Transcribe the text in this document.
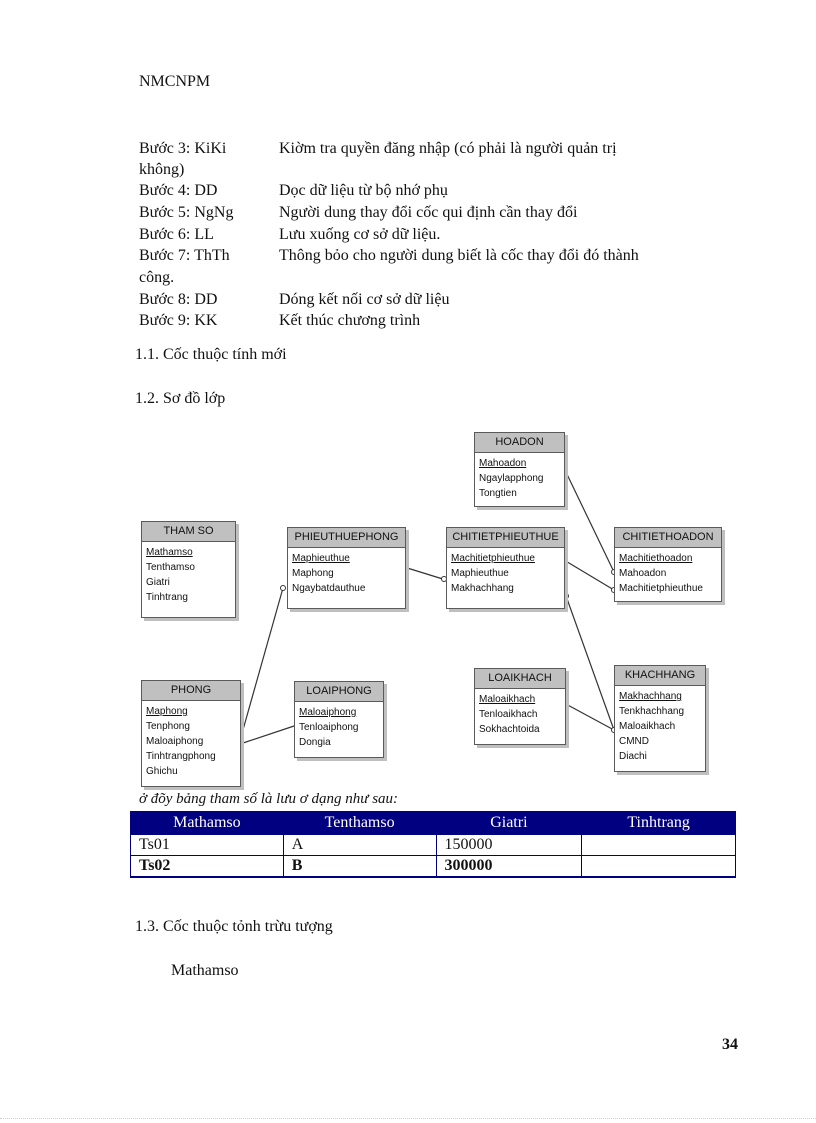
NMCNPM
Bước 3: KiKi	Kiờm tra quyền đăng nhập (có phải là người quản trị
không)
Bước 4: DD	Dọc dữ liệu từ bộ nhớ phụ
Bước 5: NgNg	Người dung thay đổi cốc qui định cần thay đổi
Bước 6: LL	Lưu xuống cơ sở dữ liệu.
Bước 7: ThTh	Thông bỏo cho người dung biết là cốc thay đổi đó thành
công.
Bước 8: DD	Dóng kết nối cơ sở dữ liệu
Bước 9: KK	Kết thúc chương trình
1.1. Cốc thuộc tính mới
1.2. Sơ đồ lớp
HOADON
Mahoadon
Ngaylapphong
Tongtien
THAM SO
Mathamso
Tenthamso
Giatri
Tinhtrang
PHIEUTHUEPHONG
Maphieuthue
Maphong
Ngaybatdauthue
CHITIETPHIEUTHUE
Machitietphieuthue
Maphieuthue
Makhachhang
CHITIETHOADON
Machitiethoadon
Mahoadon
Machitietphieuthue
PHONG
Maphong
Tenphong
Maloaiphong
Tinhtrangphong
Ghichu
LOAIPHONG
Maloaiphong
Tenloaiphong
Dongia
LOAIKHACH
Maloaikhach
Tenloaikhach
Sokhachtoida
KHACHHANG
Makhachhang
Tenkhachhang
Maloaikhach
CMND
Diachi
ở đõy bảng tham số là lưu ơ dạng như sau:
Mathamso	Tenthamso	Giatri	Tinhtrang
Ts01	A	150000	
Ts02	B	300000	
1.3. Cốc thuộc tỏnh trừu tượng
Mathamso
34
